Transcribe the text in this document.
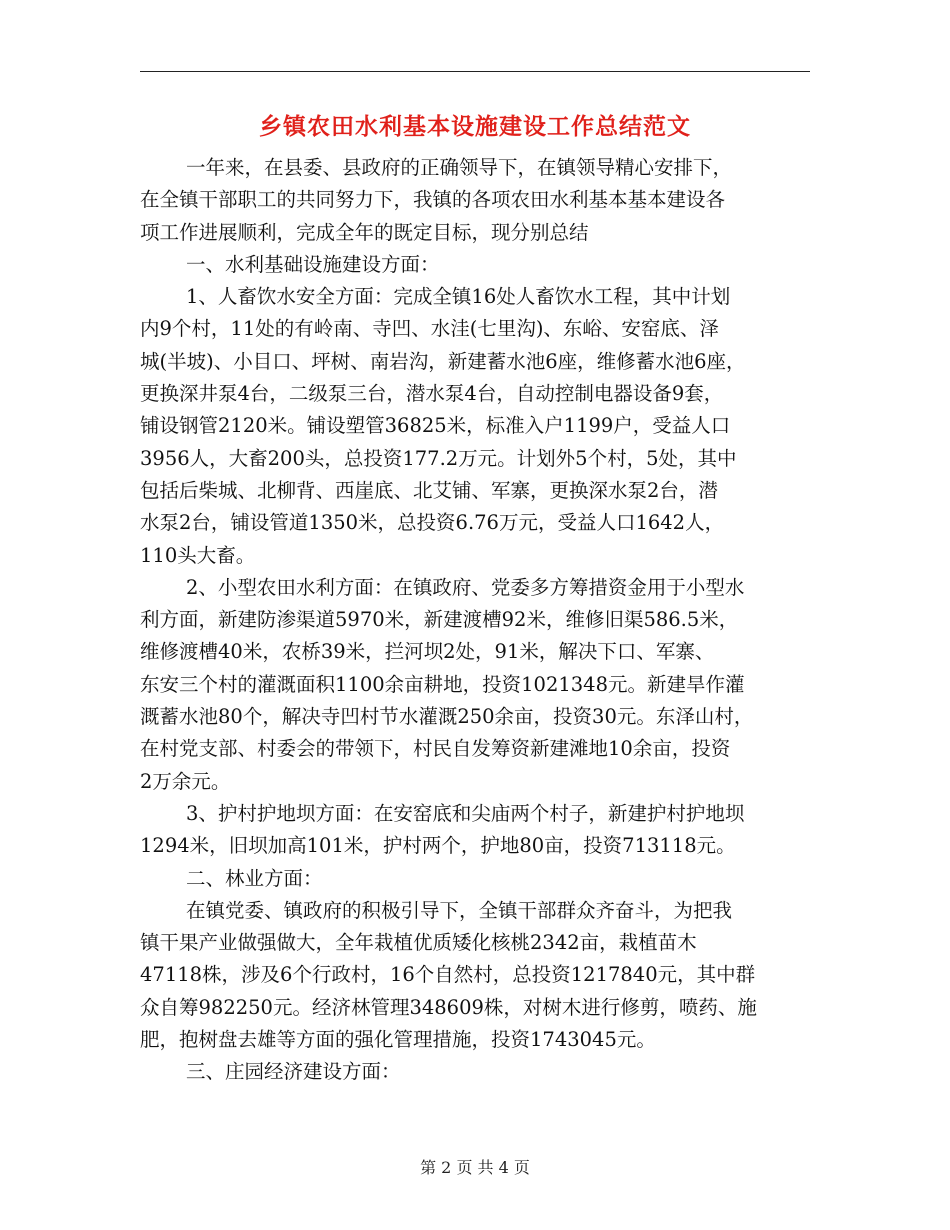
乡镇农田水利基本设施建设工作总结范文
一年来，在县委、县政府的正确领导下，在镇领导精心安排下，
在全镇干部职工的共同努力下，我镇的各项农田水利基本基本建设各
项工作进展顺利，完成全年的既定目标，现分别总结
一、水利基础设施建设方面：
1、人畜饮水安全方面：完成全镇16处人畜饮水工程，其中计划
内9个村，11处的有岭南、寺凹、水洼(七里沟)、东峪、安窑底、泽
城(半坡)、小目口、坪树、南岩沟，新建蓄水池6座，维修蓄水池6座，
更换深井泵4台，二级泵三台，潜水泵4台，自动控制电器设备9套，
铺设钢管2120米。铺设塑管36825米，标准入户1199户，受益人口
3956人，大畜200头，总投资177.2万元。计划外5个村，5处，其中
包括后柴城、北柳背、西崖底、北艾铺、军寨，更换深水泵2台，潜
水泵2台，铺设管道1350米，总投资6.76万元，受益人口1642人，
110头大畜。
2、小型农田水利方面：在镇政府、党委多方筹措资金用于小型水
利方面，新建防渗渠道5970米，新建渡槽92米，维修旧渠586.5米，
维修渡槽40米，农桥39米，拦河坝2处，91米，解决下口、军寨、
东安三个村的灌溉面积1100余亩耕地，投资1021348元。新建旱作灌
溉蓄水池80个，解决寺凹村节水灌溉250余亩，投资30元。东泽山村，
在村党支部、村委会的带领下，村民自发筹资新建滩地10余亩，投资
2万余元。
3、护村护地坝方面：在安窑底和尖庙两个村子，新建护村护地坝
1294米，旧坝加高101米，护村两个，护地80亩，投资713118元。
二、林业方面：
在镇党委、镇政府的积极引导下，全镇干部群众齐奋斗，为把我
镇干果产业做强做大，全年栽植优质矮化核桃2342亩，栽植苗木
47118株，涉及6个行政村，16个自然村，总投资1217840元，其中群
众自筹982250元。经济林管理348609株，对树木进行修剪，喷药、施
肥，抱树盘去雄等方面的强化管理措施，投资1743045元。
三、庄园经济建设方面：
第 2 页 共 4 页
